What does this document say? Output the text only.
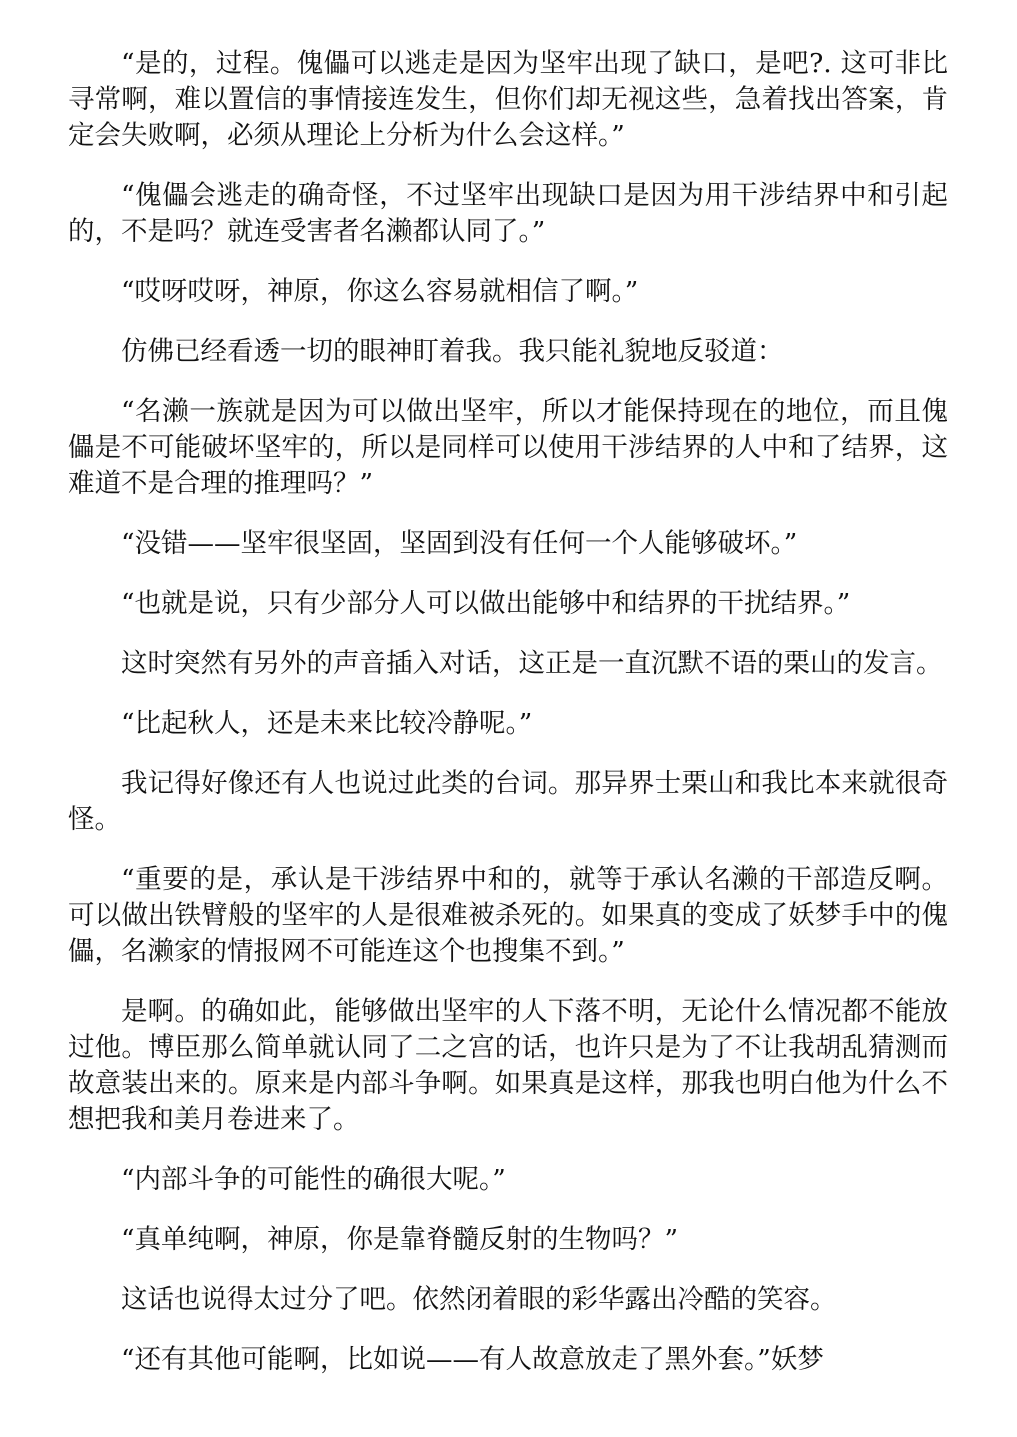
“是的，过程。傀儡可以逃走是因为坚牢出现了缺口，是吧?. 这可非比寻常啊，难以置信的事情接连发生，但你们却无视这些，急着找出答案，肯定会失败啊，必须从理论上分析为什么会这样。”

“傀儡会逃走的确奇怪，不过坚牢出现缺口是因为用干涉结界中和引起的，不是吗？就连受害者名濑都认同了。”

“哎呀哎呀，神原，你这么容易就相信了啊。”

仿佛已经看透一切的眼神盯着我。我只能礼貌地反驳道：

“名濑一族就是因为可以做出坚牢，所以才能保持现在的地位，而且傀儡是不可能破坏坚牢的，所以是同样可以使用干涉结界的人中和了结界，这难道不是合理的推理吗？”

“没错——坚牢很坚固，坚固到没有任何一个人能够破坏。”

“也就是说，只有少部分人可以做出能够中和结界的干扰结界。”

这时突然有另外的声音插入对话，这正是一直沉默不语的栗山的发言。

“比起秋人，还是未来比较冷静呢。”

我记得好像还有人也说过此类的台词。那异界士栗山和我比本来就很奇怪。

“重要的是，承认是干涉结界中和的，就等于承认名濑的干部造反啊。可以做出铁臂般的坚牢的人是很难被杀死的。如果真的变成了妖梦手中的傀儡，名濑家的情报网不可能连这个也搜集不到。”

是啊。的确如此，能够做出坚牢的人下落不明，无论什么情况都不能放过他。博臣那么简单就认同了二之宫的话，也许只是为了不让我胡乱猜测而故意装出来的。原来是内部斗争啊。如果真是这样，那我也明白他为什么不想把我和美月卷进来了。

“内部斗争的可能性的确很大呢。”

“真单纯啊，神原，你是靠脊髓反射的生物吗？”

这话也说得太过分了吧。依然闭着眼的彩华露出冷酷的笑容。

“还有其他可能啊，比如说——有人故意放走了黑外套。”妖梦
